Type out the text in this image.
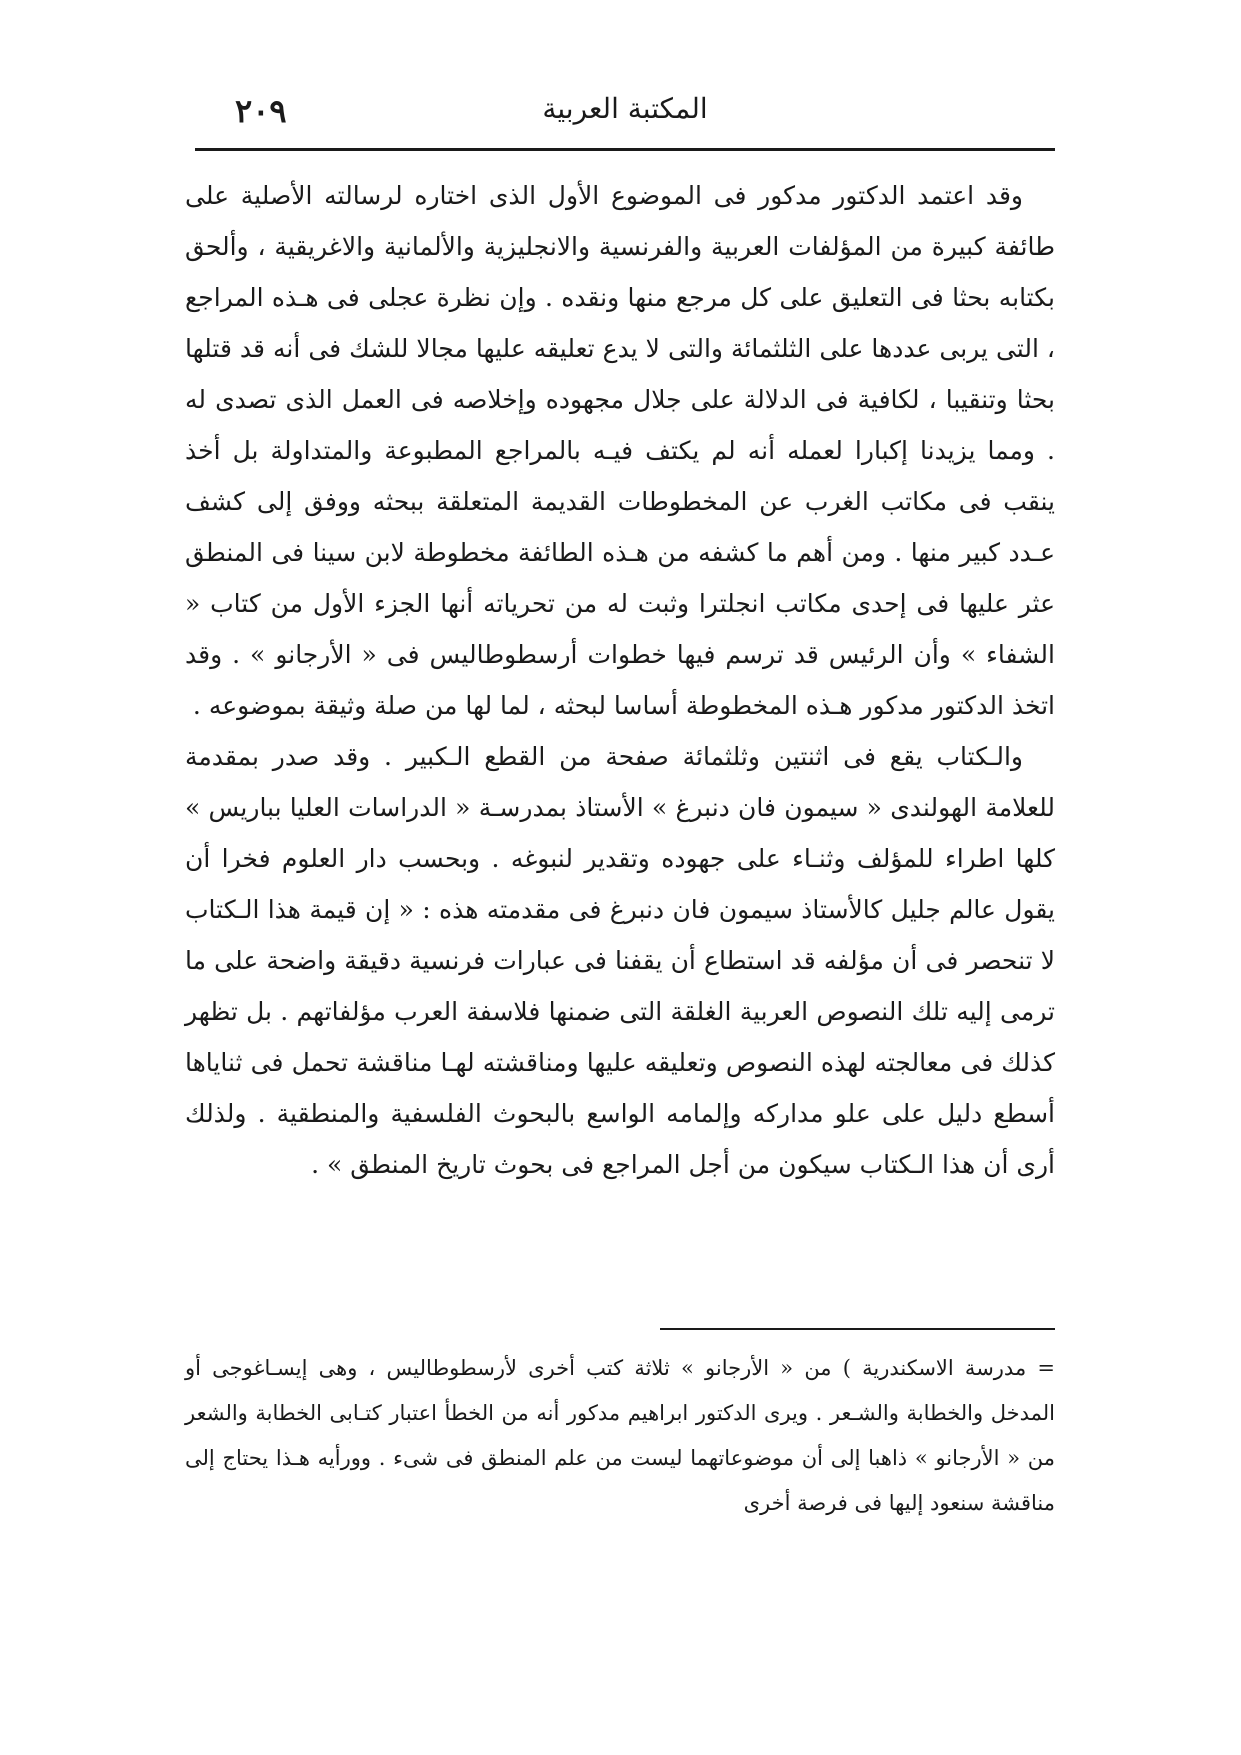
المكتبة العربية
٢٠٩

وقد اعتمد الدكتور مدكور فى الموضوع الأول الذى اختاره لرسالته الأصلية على طائفة كبيرة من المؤلفات العربية والفرنسية والانجليزية والألمانية والاغريقية ، وألحق بكتابه بحثا فى التعليق على كل مرجع منها ونقده . وإن نظرة عجلى فى هـذه المراجع ، التى يربى عددها على الثلثمائة والتى لا يدع تعليقه عليها مجالا للشك فى أنه قد قتلها بحثا وتنقيبا ، لكافية فى الدلالة على جلال مجهوده وإخلاصه فى العمل الذى تصدى له . ومما يزيدنا إكبارا لعمله أنه لم يكتف فيـه بالمراجع المطبوعة والمتداولة بل أخذ ينقب فى مكاتب الغرب عن المخطوطات القديمة المتعلقة ببحثه ووفق إلى كشف عـدد كبير منها . ومن أهم ما كشفه من هـذه الطائفة مخطوطة لابن سينا فى المنطق عثر عليها فى إحدى مكاتب انجلترا وثبت له من تحرياته أنها الجزء الأول من كتاب « الشفاء » وأن الرئيس قد ترسم فيها خطوات أرسطوطاليس فى « الأرجانو » . وقد اتخذ الدكتور مدكور هـذه المخطوطة أساسا لبحثه ، لما لها من صلة وثيقة بموضوعه .

والـكتاب يقع فى اثنتين وثلثمائة صفحة من القطع الـكبير . وقد صدر بمقدمة للعلامة الهولندى « سيمون فان دنبرغ » الأستاذ بمدرسـة « الدراسات العليا بباريس » كلها اطراء للمؤلف وثنـاء على جهوده وتقدير لنبوغه . وبحسب دار العلوم فخرا أن يقول عالم جليل كالأستاذ سيمون فان دنبرغ فى مقدمته هذه : « إن قيمة هذا الـكتاب لا تنحصر فى أن مؤلفه قد استطاع أن يقفنا فى عبارات فرنسية دقيقة واضحة على ما ترمى إليه تلك النصوص العربية الغلقة التى ضمنها فلاسفة العرب مؤلفاتهم . بل تظهر كذلك فى معالجته لهذه النصوص وتعليقه عليها ومناقشته لهـا مناقشة تحمل فى ثناياها أسطع دليل على علو مداركه وإلمامه الواسع بالبحوث الفلسفية والمنطقية . ولذلك أرى أن هذا الـكتاب سيكون من أجل المراجع فى بحوث تاريخ المنطق » .

= مدرسة الاسكندرية ) من « الأرجانو » ثلاثة كتب أخرى لأرسطوطاليس ، وهى إيسـاغوجى أو المدخل والخطابة والشـعر . ويرى الدكتور ابراهيم مدكور أنه من الخطأ اعتبار كتـابى الخطابة والشعر من « الأرجانو » ذاهبا إلى أن موضوعاتهما ليست من علم المنطق فى شىء . وورأيه هـذا يحتاج إلى مناقشة سنعود إليها فى فرصة أخرى
